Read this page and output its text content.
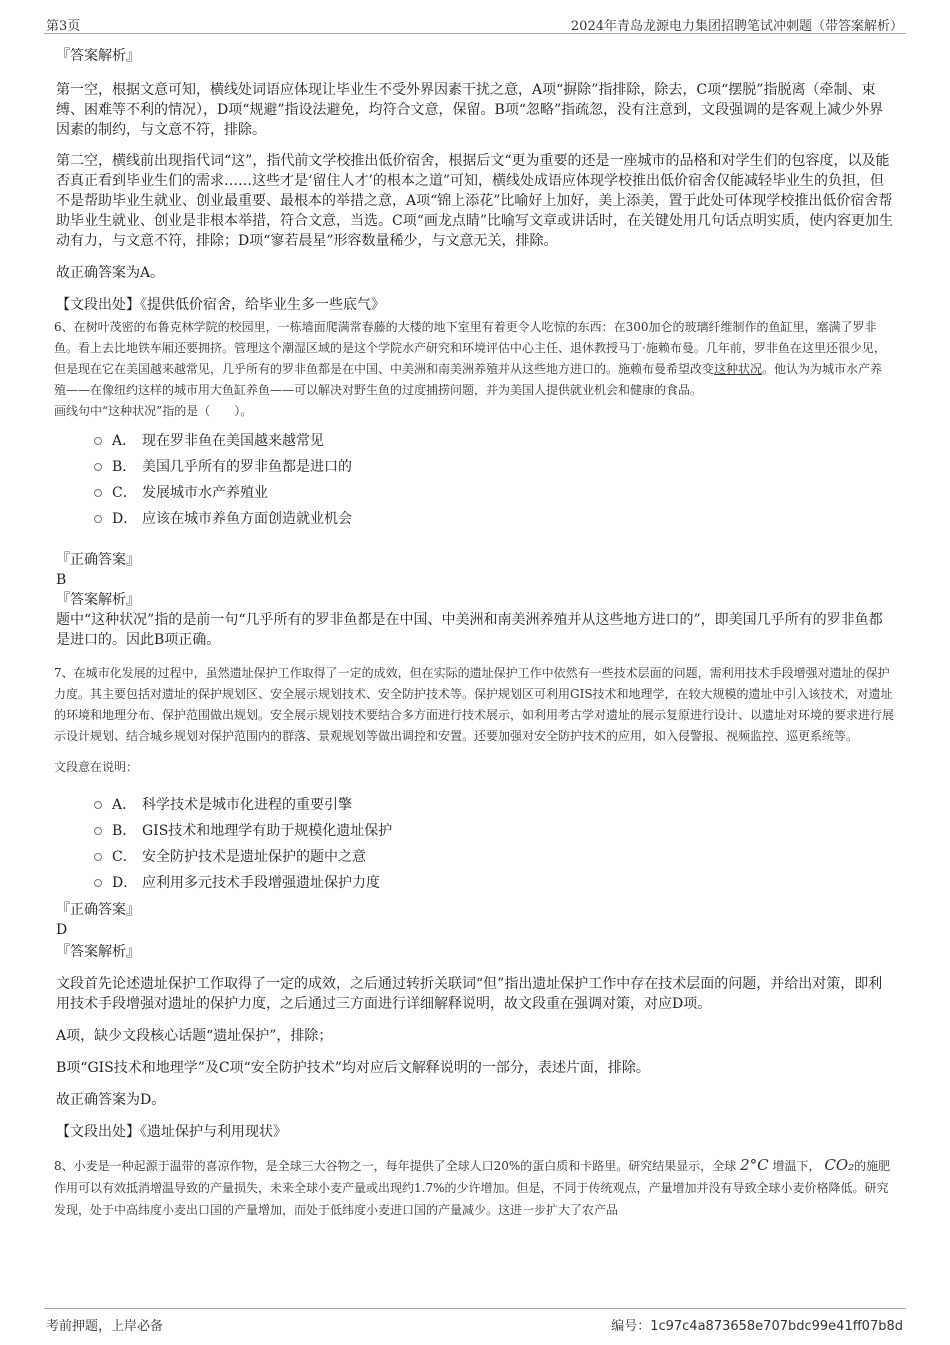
第3页	2024年青岛龙源电力集团招聘笔试冲刺题（带答案解析）

『答案解析』

第一空，根据文意可知，横线处词语应体现让毕业生不受外界因素干扰之意，A项“摒除”指排除，除去，C项“摆脱”指脱离（牵制、束缚、困难等不利的情况），D项“规避”指设法避免，均符合文意，保留。B项“忽略”指疏忽，没有注意到，文段强调的是客观上减少外界因素的制约，与文意不符，排除。

第二空，横线前出现指代词“这”，指代前文学校推出低价宿舍，根据后文“更为重要的还是一座城市的品格和对学生们的包容度，以及能否真正看到毕业生们的需求……这些才是‘留住人才’的根本之道”可知，横线处成语应体现学校推出低价宿舍仅能减轻毕业生的负担，但不是帮助毕业生就业、创业最重要、最根本的举措之意，A项“锦上添花”比喻好上加好，美上添美，置于此处可体现学校推出低价宿舍帮助毕业生就业、创业是非根本举措，符合文意，当选。C项“画龙点睛”比喻写文章或讲话时，在关键处用几句话点明实质，使内容更加生动有力，与文意不符，排除；D项“寥若晨星”形容数量稀少，与文意无关，排除。

故正确答案为A。

【文段出处】《提供低价宿舍，给毕业生多一些底气》

6、在树叶茂密的布鲁克林学院的校园里，一栋墙面爬满常春藤的大楼的地下室里有着更令人吃惊的东西：在300加仑的玻璃纤维制作的鱼缸里，塞满了罗非鱼。看上去比地铁车厢还要拥挤。管理这个潮湿区域的是这个学院水产研究和环境评估中心主任、退休教授马丁·施赖布曼。几年前，罗非鱼在这里还很少见，但是现在它在美国越来越常见，几乎所有的罗非鱼都是在中国、中美洲和南美洲养殖并从这些地方进口的。施赖布曼希望改变这种状况。他认为为城市水产养殖——在像纽约这样的城市用大鱼缸养鱼——可以解决对野生鱼的过度捕捞问题，并为美国人提供就业机会和健康的食品。

画线句中“这种状况”指的是（　　）。

A． 现在罗非鱼在美国越来越常见
B． 美国几乎所有的罗非鱼都是进口的
C． 发展城市水产养殖业
D． 应该在城市养鱼方面创造就业机会

『正确答案』

B

『答案解析』

题中“这种状况”指的是前一句“几乎所有的罗非鱼都是在中国、中美洲和南美洲养殖并从这些地方进口的”，即美国几乎所有的罗非鱼都是进口的。因此B项正确。

7、在城市化发展的过程中，虽然遗址保护工作取得了一定的成效，但在实际的遗址保护工作中依然有一些技术层面的问题，需利用技术手段增强对遗址的保护力度。其主要包括对遗址的保护规划区、安全展示规划技术、安全防护技术等。保护规划区可利用GIS技术和地理学，在较大规模的遗址中引入该技术，对遗址的环境和地理分布、保护范围做出规划。安全展示规划技术要结合多方面进行技术展示，如利用考古学对遗址的展示复原进行设计、以遗址对环境的要求进行展示设计规划、结合城乡规划对保护范围内的群落、景观规划等做出调控和安置。还要加强对安全防护技术的应用，如入侵警报、视频监控、巡更系统等。

文段意在说明：

A． 科学技术是城市化进程的重要引擎
B． GIS技术和地理学有助于规模化遗址保护
C． 安全防护技术是遗址保护的题中之意
D． 应利用多元技术手段增强遗址保护力度

『正确答案』

D

『答案解析』

文段首先论述遗址保护工作取得了一定的成效，之后通过转折关联词“但”指出遗址保护工作中存在技术层面的问题，并给出对策，即利用技术手段增强对遗址的保护力度，之后通过三方面进行详细解释说明，故文段重在强调对策，对应D项。

A项，缺少文段核心话题“遗址保护”，排除；

B项“GIS技术和地理学”及C项“安全防护技术”均对应后文解释说明的一部分，表述片面，排除。

故正确答案为D。

【文段出处】《遗址保护与利用现状》

8、小麦是一种起源于温带的喜凉作物，是全球三大谷物之一，每年提供了全球人口20%的蛋白质和卡路里。研究结果显示，全球 2°C 增温下， CO₂的施肥作用可以有效抵消增温导致的产量损失，未来全球小麦产量或出现约1.7%的少许增加。但是，不同于传统观点，产量增加并没有导致全球小麦价格降低。研究发现，处于中高纬度小麦出口国的产量增加，而处于低纬度小麦进口国的产量减少。这进一步扩大了农产品

考前押题，上岸必备	编号：1c97c4a873658e707bdc99e41ff07b8d
